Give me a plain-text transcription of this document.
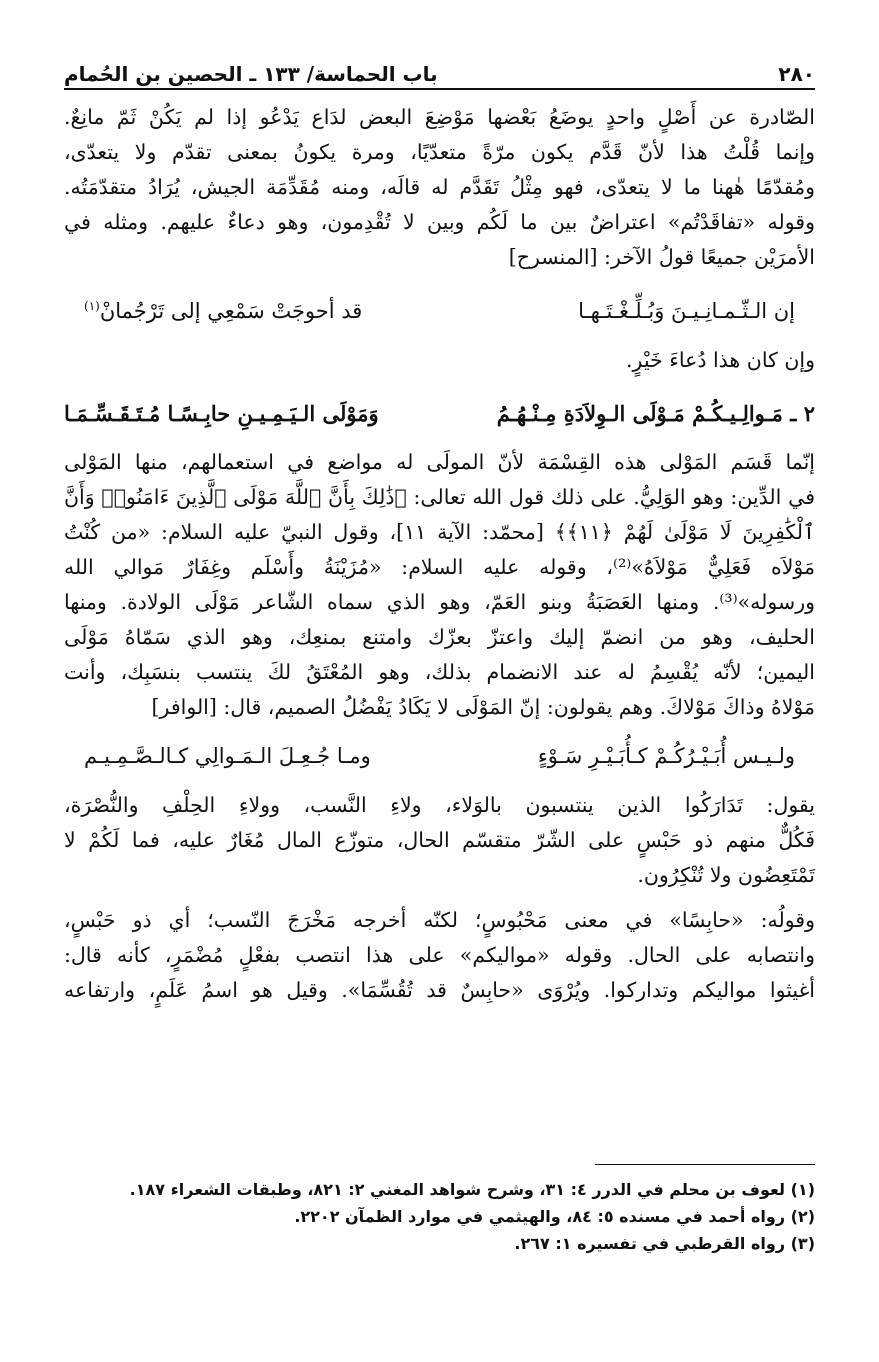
٢٨٠
باب الحماسة/ ١٣٣ ـ الحصين بن الحُمام
الصّادرة عن أَصْلٍ واحدٍ يوضَعُ بَعْضها مَوْضِعَ البعض لدَاع يَدْعُو إذا لم يَكُنْ ثَمّ مانِعٌ.
وإنما قُلْتُ هذا لأنّ قَدَّم يكون مرّةً متعدّيًا، ومرة يكونُ بمعنى تقدّم ولا يتعدّى،
ومُقدّمًا هٰهنا ما لا يتعدّى، فهو مِثْلُ تَقَدَّم له قالَه، ومنه مُقَدِّمَة الجيش، يُرَادُ متقدّمَتُه.
وقوله «تفاقَدْتُم» اعتراضٌ بين ما لَكُم وبين لا تُقْدِمون، وهو دعاءٌ عليهم. ومثله في
الأمرَيْن جميعًا قولُ الآخر: [المنسرح]
إن الـثّـمـانِـيـنَ وَبُـلِّـغْـتَـهـا
قد أحوجَتْ سَمْعِي إلى تَرْجُمانْ$^{(١)}$
وإن كان هذا دُعاءَ خَيْرٍ.
٢ ـ مَـوالِـيـكُـمْ مَـوْلَى الـوِلاَدَةِ مِـنْـهُـمُ
وَمَوْلَى الـيَـمِـيـنِ حابِـسًـا مُـتَـقَـسِّـمَـا
إنّما قَسَم المَوْلى هذه القِسْمَة لأنّ المولَى له مواضع في استعمالهم، منها المَوْلى
في الدِّين: وهو الوَلِيُّ. على ذلك قول الله تعالى: ﴿ذَٰلِكَ بِأَنَّ ٱللَّهَ مَوْلَى ٱلَّذِينَ ءَامَنُوا۟ وَأَنَّ
ٱلْكَٰفِرِينَ لَا مَوْلَىٰ لَهُمْ ﴿١١﴾﴾ [محمّد: الآية ١١]، وقول النبيّ عليه السلام: «من كُنْتُ
مَوْلاَه فَعَلِيٌّ مَوْلاَهُ»⁽²⁾، وقوله عليه السلام: «مُزَيْنَةُ وأَسْلَم وغِفَارٌ مَوالي الله
ورسوله»⁽³⁾. ومنها العَصَبَةُ وبنو العَمّ، وهو الذي سماه الشّاعر مَوْلَى الولادة. ومنها
الحليف، وهو من انضمّ إليك واعتزّ بعزّك وامتنع بمنعِك، وهو الذي سَمّاهُ مَوْلَى
اليمين؛ لأنّه يُقْسِمُ له عند الانضمام بذلك، وهو المُعْتَقُ لكَ ينتسب بنسَبِك، وأنت
مَوْلاهُ وذاكَ مَوْلاكَ. وهم يقولون: إنّ المَوْلَى لا يَكَادُ يَفْضُلُ الصميم، قال: [الوافر]
ولـيـس أُبَـيْـرُكُـمْ كـأُبَـيْـرِ سَـوْءٍ
ومـا جُـعِـلَ الـمَـوالِي كـالـصَّـمِـيـم
يقول: تَدَارَكُوا الذين ينتسبون بالوَلاء، ولاءِ النَّسب، وولاءِ الحِلْفِ والنُّصْرَة،
فَكُلٌّ منهم ذو حَبْسٍ على الشّرّ متقسّم الحال، متوزّع المال مُغَارٌ عليه، فما لَكُمْ لا
تَمْتَعِضُون ولا تُنْكِرُون.
وقولُه: «حابِسًا» في معنى مَحْبُوسٍ؛ لكنّه أخرجه مَخْرَجَ النّسب؛ أي ذو حَبْسٍ،
وانتصابه على الحال. وقوله «مواليكم» على هذا انتصب بفعْلٍ مُضْمَرٍ، كأنه قال:
أغيثوا مواليكم وتداركوا. ويُرْوَى «حابِسٌ قد تُقُسِّمَا». وقيل هو اسمُ عَلَمٍ، وارتفاعه
(١) لعوف بن محلم في الدرر ٤: ٣١، وشرح شواهد المغني ٢: ٨٢١، وطبقات الشعراء ١٨٧.
(٢) رواه أحمد في مسنده ٥: ٨٤، والهيثمي في موارد الظمآن ٢٢٠٢.
(٣) رواه القرطبي في تفسيره ١: ٢٦٧.
